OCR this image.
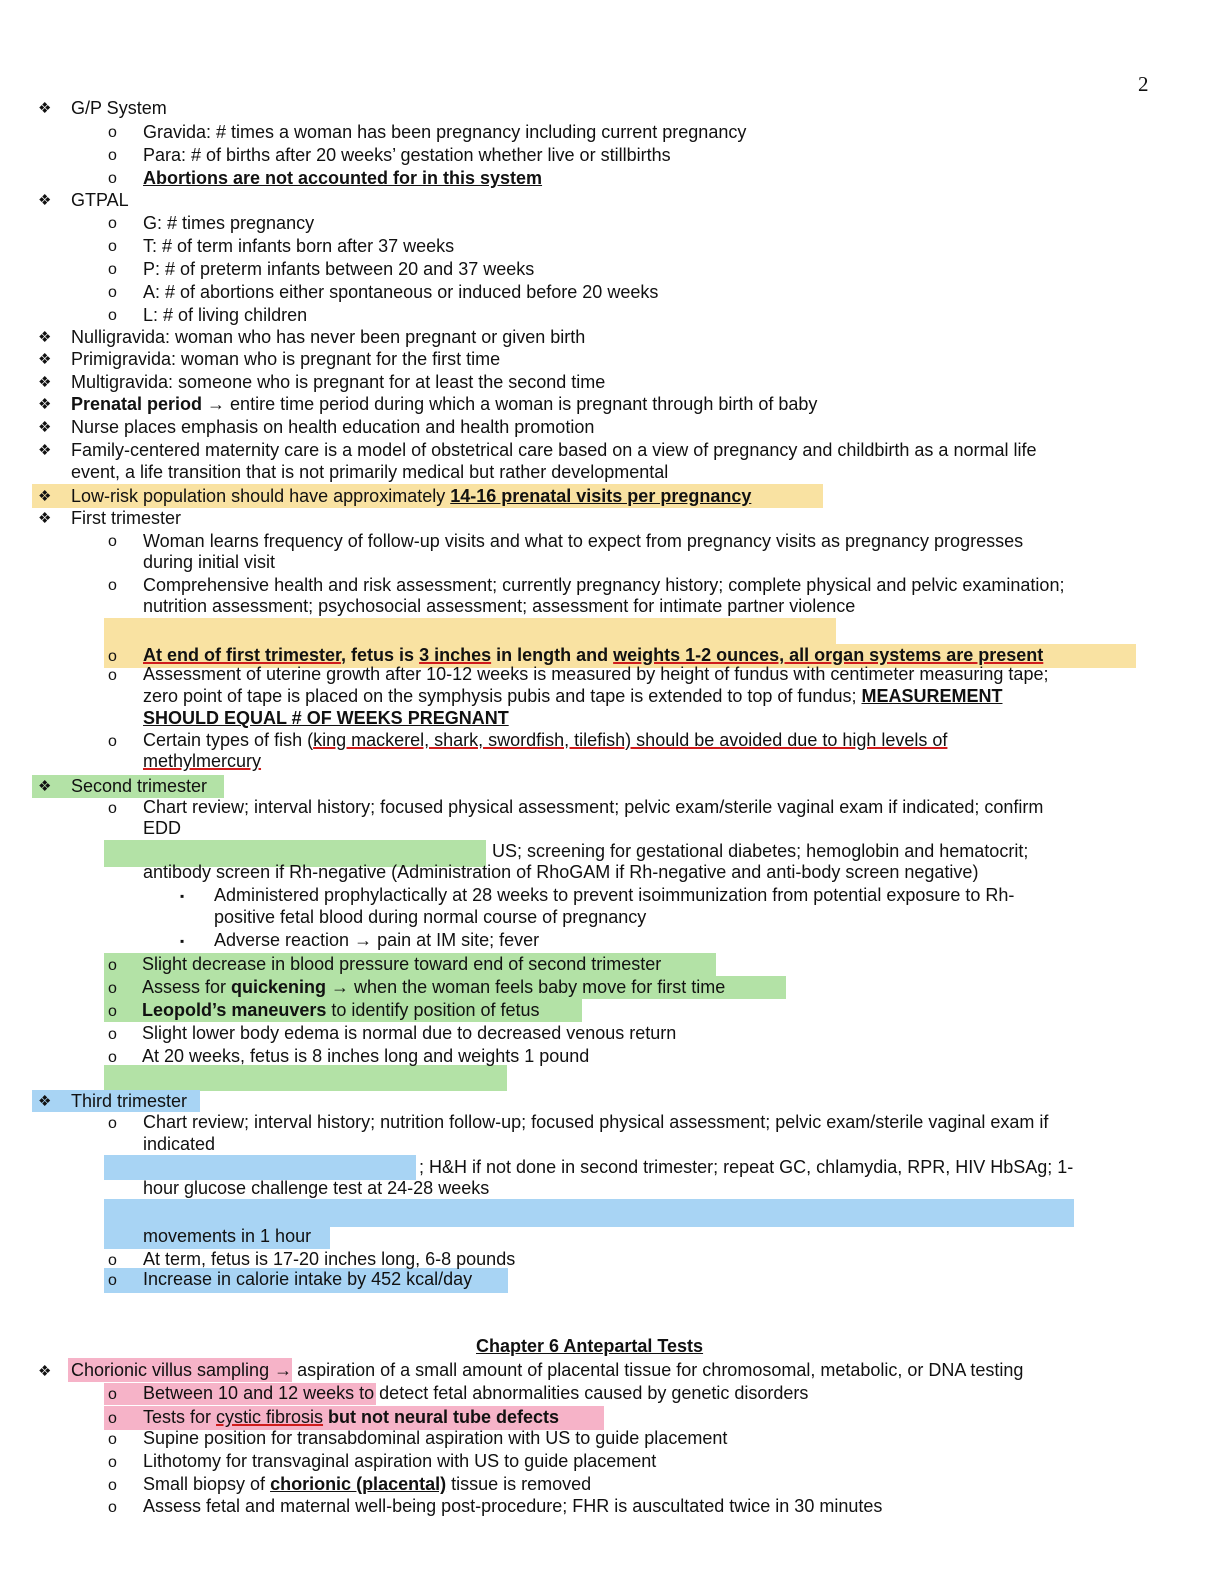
2
❖ G/P System
o Gravida: # times a woman has been pregnancy including current pregnancy
o Para: # of births after 20 weeks’ gestation whether live or stillbirths
o Abortions are not accounted for in this system
❖ GTPAL
o G: # times pregnancy
o T: # of term infants born after 37 weeks
o P: # of preterm infants between 20 and 37 weeks
o A: # of abortions either spontaneous or induced before 20 weeks
o L: # of living children
❖ Nulligravida: woman who has never been pregnant or given birth
❖ Primigravida: woman who is pregnant for the first time
❖ Multigravida: someone who is pregnant for at least the second time
❖ Prenatal period → entire time period during which a woman is pregnant through birth of baby
❖ Nurse places emphasis on health education and health promotion
❖ Family-centered maternity care is a model of obstetrical care based on a view of pregnancy and childbirth as a normal life
event, a life transition that is not primarily medical but rather developmental
❖ Low-risk population should have approximately 14-16 prenatal visits per pregnancy
❖ First trimester
o Woman learns frequency of follow-up visits and what to expect from pregnancy visits as pregnancy progresses
during initial visit
o Comprehensive health and risk assessment; currently pregnancy history; complete physical and pelvic examination;
nutrition assessment; psychosocial assessment; assessment for intimate partner violence
o At end of first trimester, fetus is 3 inches in length and weights 1-2 ounces, all organ systems are present
o Assessment of uterine growth after 10-12 weeks is measured by height of fundus with centimeter measuring tape;
zero point of tape is placed on the symphysis pubis and tape is extended to top of fundus; MEASUREMENT
SHOULD EQUAL # OF WEEKS PREGNANT
o Certain types of fish (king mackerel, shark, swordfish, tilefish) should be avoided due to high levels of
methylmercury
❖ Second trimester
o Chart review; interval history; focused physical assessment; pelvic exam/sterile vaginal exam if indicated; confirm
EDD
US; screening for gestational diabetes; hemoglobin and hematocrit;
antibody screen if Rh-negative (Administration of RhoGAM if Rh-negative and anti-body screen negative)
▪ Administered prophylactically at 28 weeks to prevent isoimmunization from potential exposure to Rh-
positive fetal blood during normal course of pregnancy
▪ Adverse reaction → pain at IM site; fever
o Slight decrease in blood pressure toward end of second trimester
o Assess for quickening → when the woman feels baby move for first time
o Leopold’s maneuvers to identify position of fetus
o Slight lower body edema is normal due to decreased venous return
o At 20 weeks, fetus is 8 inches long and weights 1 pound
❖ Third trimester
o Chart review; interval history; nutrition follow-up; focused physical assessment; pelvic exam/sterile vaginal exam if
indicated
; H&H if not done in second trimester; repeat GC, chlamydia, RPR, HIV HbSAg; 1-
hour glucose challenge test at 24-28 weeks
movements in 1 hour
o At term, fetus is 17-20 inches long, 6-8 pounds
o Increase in calorie intake by 452 kcal/day
Chapter 6 Antepartal Tests
❖ Chorionic villus sampling → aspiration of a small amount of placental tissue for chromosomal, metabolic, or DNA testing
o Between 10 and 12 weeks to detect fetal abnormalities caused by genetic disorders
o Tests for cystic fibrosis but not neural tube defects
o Supine position for transabdominal aspiration with US to guide placement
o Lithotomy for transvaginal aspiration with US to guide placement
o Small biopsy of chorionic (placental) tissue is removed
o Assess fetal and maternal well-being post-procedure; FHR is auscultated twice in 30 minutes
